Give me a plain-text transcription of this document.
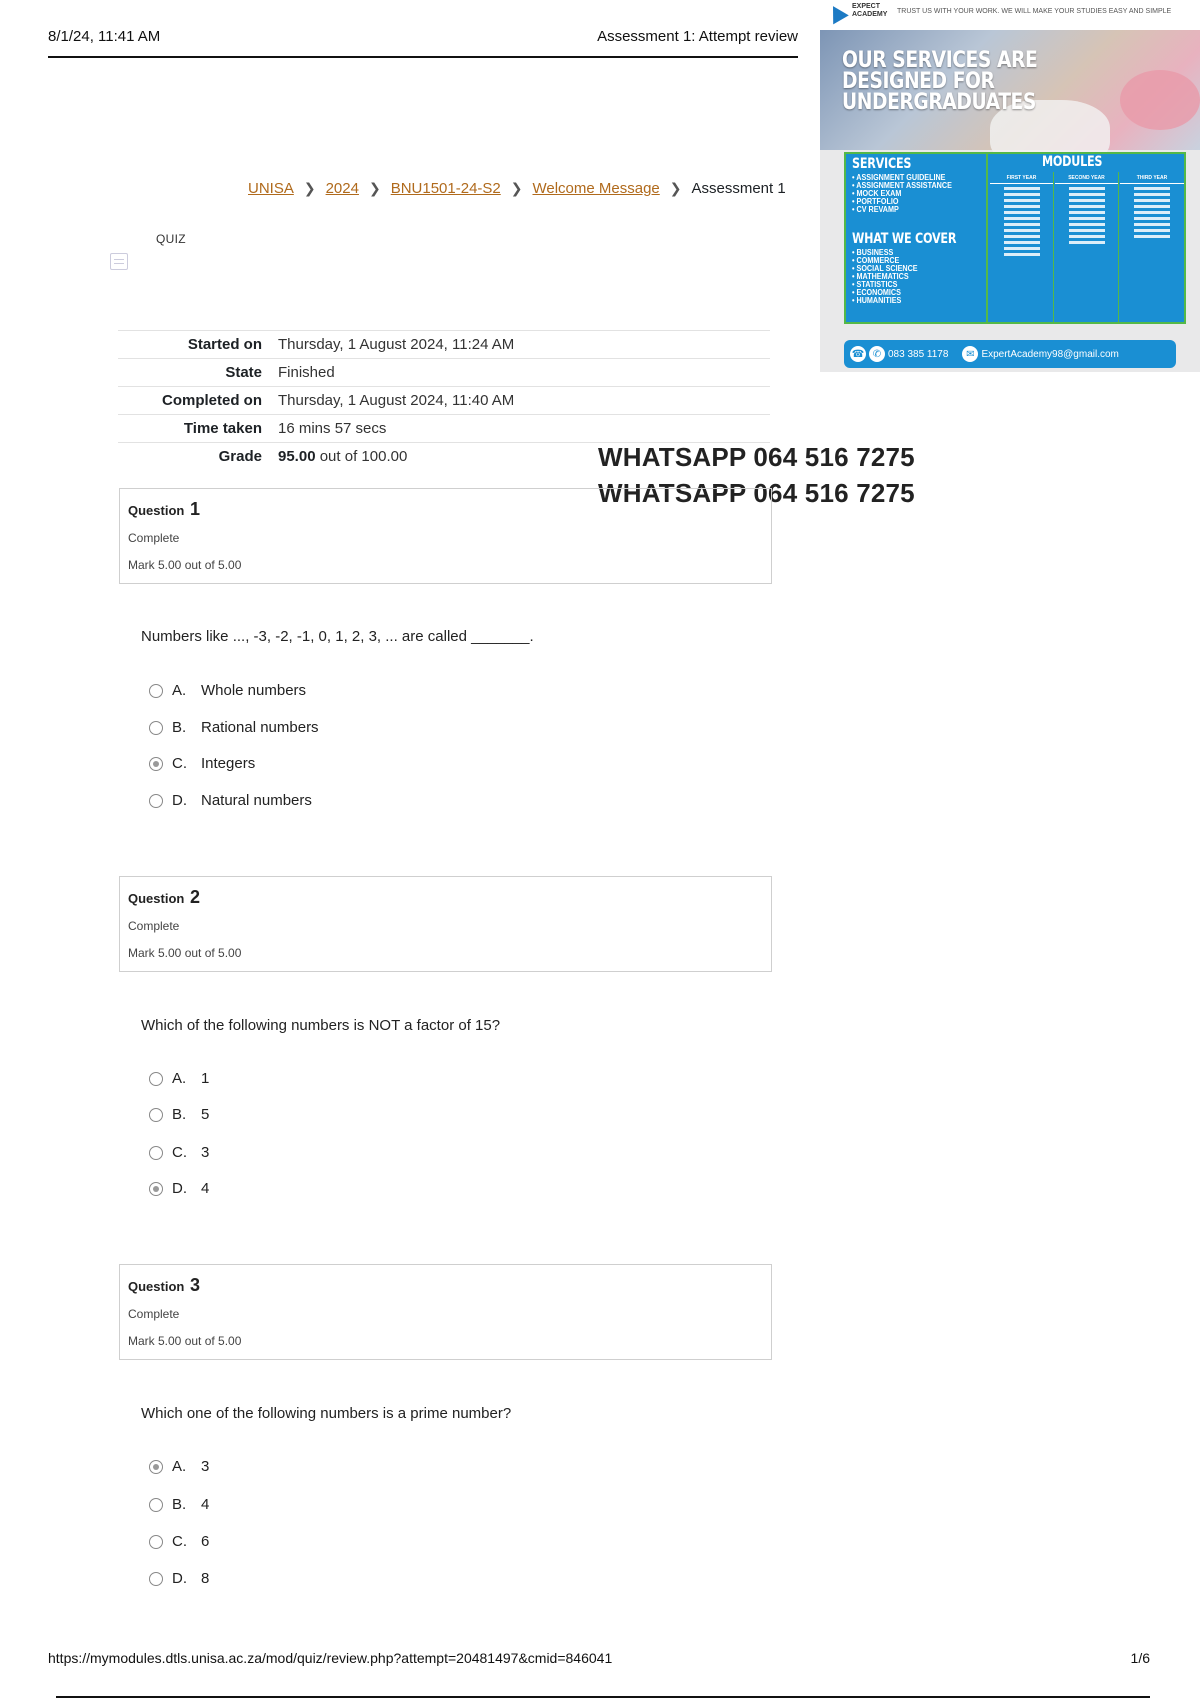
8/1/24, 11:41 AM	Assessment 1: Attempt review
UNISA ❯ 2024 ❯ BNU1501-24-S2 ❯ Welcome Message ❯ Assessment 1
QUIZ
Started on	Thursday, 1 August 2024, 11:24 AM
State	Finished
Completed on	Thursday, 1 August 2024, 11:40 AM
Time taken	16 mins 57 secs
Grade	95.00 out of 100.00	WHATSAPP 064 516 7275
WHATSAPP 064 516 7275
Question 1
Complete
Mark 5.00 out of 5.00
Numbers like ..., -3, -2, -1, 0, 1, 2, 3, ... are called _______.
A. Whole numbers
B. Rational numbers
C. Integers
D. Natural numbers
Question 2
Complete
Mark 5.00 out of 5.00
Which of the following numbers is NOT a factor of 15?
A. 1
B. 5
C. 3
D. 4
Question 3
Complete
Mark 5.00 out of 5.00
Which one of the following numbers is a prime number?
A. 3
B. 4
C. 6
D. 8
EXPECT ACADEMY	TRUST US WITH YOUR WORK. WE WILL MAKE YOUR STUDIES EASY AND SIMPLE
OUR SERVICES ARE DESIGNED FOR UNDERGRADUATES
SERVICES
• ASSIGNMENT GUIDELINE
• ASSIGNMENT ASSISTANCE
• MOCK EXAM
• PORTFOLIO
• CV REVAMP
WHAT WE COVER
• BUSINESS
• COMMERCE
• SOCIAL SCIENCE
• MATHEMATICS
• STATISTICS
• ECONOMICS
• HUMANITIES
MODULES
FIRST YEAR	SECOND YEAR	THIRD YEAR
☎ ✆ 083 385 1178	✉ ExpertAcademy98@gmail.com
https://mymodules.dtls.unisa.ac.za/mod/quiz/review.php?attempt=20481497&cmid=846041	1/6
